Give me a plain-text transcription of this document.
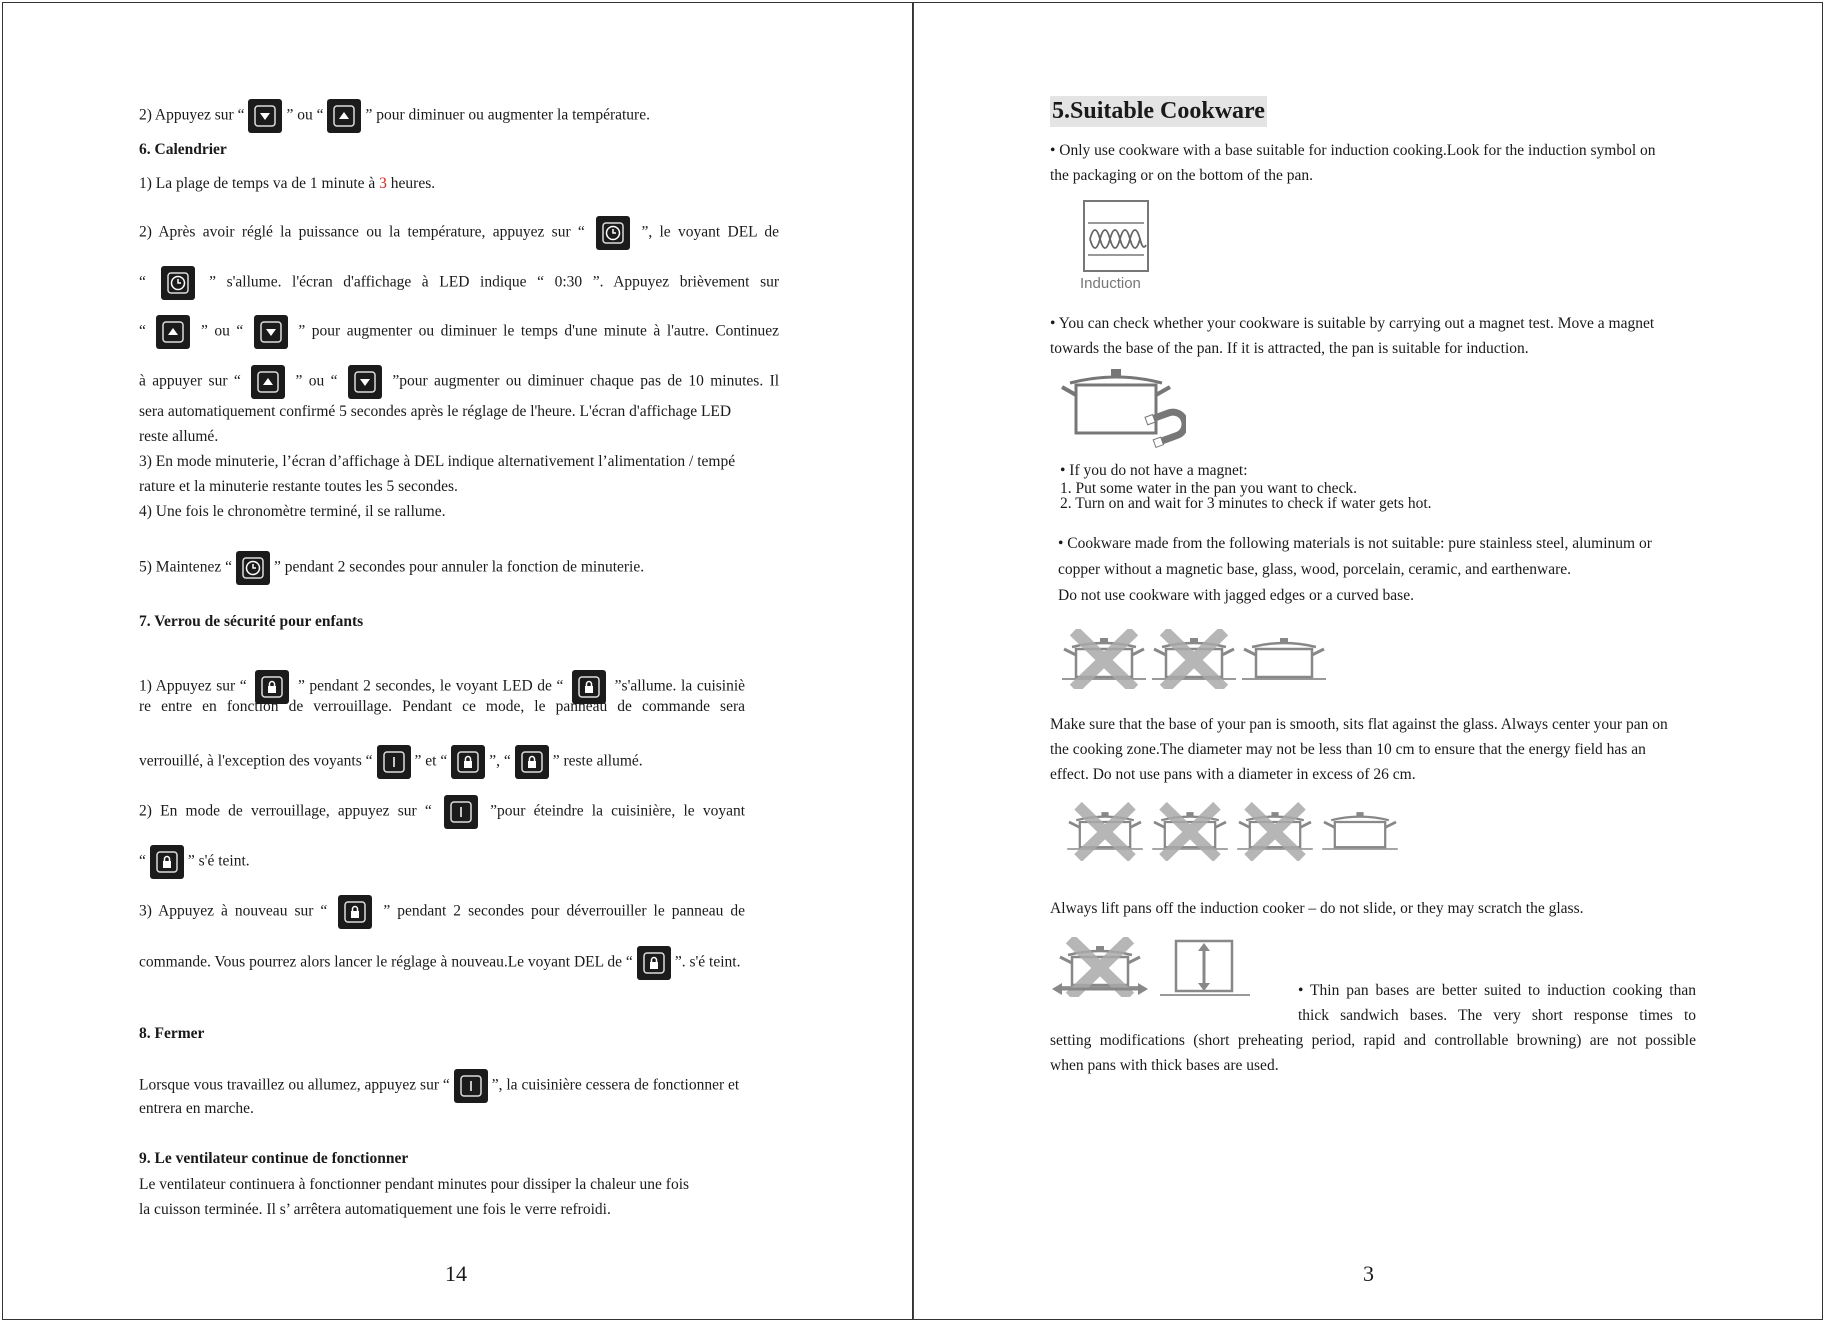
2) Appuyez sur “	” ou “	” pour diminuer ou augmenter la température.
6. Calendrier
1) La plage de temps va de 1 minute à 3 heures.
2) Après avoir réglé la puissance ou la température, appuyez sur “	”, le voyant DEL de
“	” s'allume. l'écran d'affichage à LED indique “ 0:30 ”. Appuyez brièvement sur
“	” ou “	” pour augmenter ou diminuer le temps d'une minute à l'autre. Continuez
à appuyer sur “	” ou “	”pour augmenter ou diminuer chaque pas de 10 minutes. Il
sera automatiquement confirmé 5 secondes après le réglage de l'heure. L'écran d'affichage LED
reste allumé.
3) En mode minuterie, l’écran d’affichage à DEL indique alternativement l’alimentation / tempé
rature et la minuterie restante toutes les 5 secondes.
4) Une fois le chronomètre terminé, il se rallume.
5) Maintenez “	” pendant 2 secondes pour annuler la fonction de minuterie.
7. Verrou de sécurité pour enfants
1) Appuyez sur “	” pendant 2 secondes, le voyant LED de “	”s'allume. la cuisiniè
re entre en fonction de verrouillage. Pendant ce mode, le panneau de commande sera
verrouillé, à l'exception des voyants “	” et “	”, “	” reste allumé.
2) En mode de verrouillage, appuyez sur “	”pour éteindre la cuisinière, le voyant
“	” s'é teint.
3) Appuyez à nouveau sur “	” pendant 2 secondes pour déverrouiller le panneau de
commande. Vous pourrez alors lancer le réglage à nouveau.Le voyant DEL de “	”. s'é teint.
8. Fermer
Lorsque vous travaillez ou allumez, appuyez sur “	”, la cuisinière cessera de fonctionner et
entrera en marche.
9. Le ventilateur continue de fonctionner
Le ventilateur continuera à fonctionner pendant minutes pour dissiper la chaleur une fois
la cuisson terminée. Il s’ arrêtera automatiquement une fois le verre refroidi.
14
5.Suitable Cookware
• Only use cookware with a base suitable for induction cooking.Look for the induction symbol on
the packaging or on the bottom of the pan.
Induction
• You can check whether your cookware is suitable by carrying out a magnet test. Move a magnet
towards the base of the pan. If it is attracted, the pan is suitable for induction.
• If you do not have a magnet:
1. Put some water in the pan you want to check.
2. Turn on and wait for 3 minutes to check if water gets hot.
• Cookware made from the following materials is not suitable: pure stainless steel, aluminum or
copper without a magnetic base, glass, wood, porcelain, ceramic, and earthenware.
Do not use cookware with jagged edges or a curved base.
Make sure that the base of your pan is smooth, sits flat against the glass. Always center your pan on
the cooking zone.The diameter may not be less than 10 cm to ensure that the energy field has an
effect. Do not use pans with a diameter in excess of 26 cm.
Always lift pans off the induction cooker – do not slide, or they may scratch the glass.
• Thin pan bases are better suited to induction cooking than
thick sandwich bases. The very short response times to
setting modifications (short preheating period, rapid and controllable browning) are not possible
when pans with thick bases are used.
3
